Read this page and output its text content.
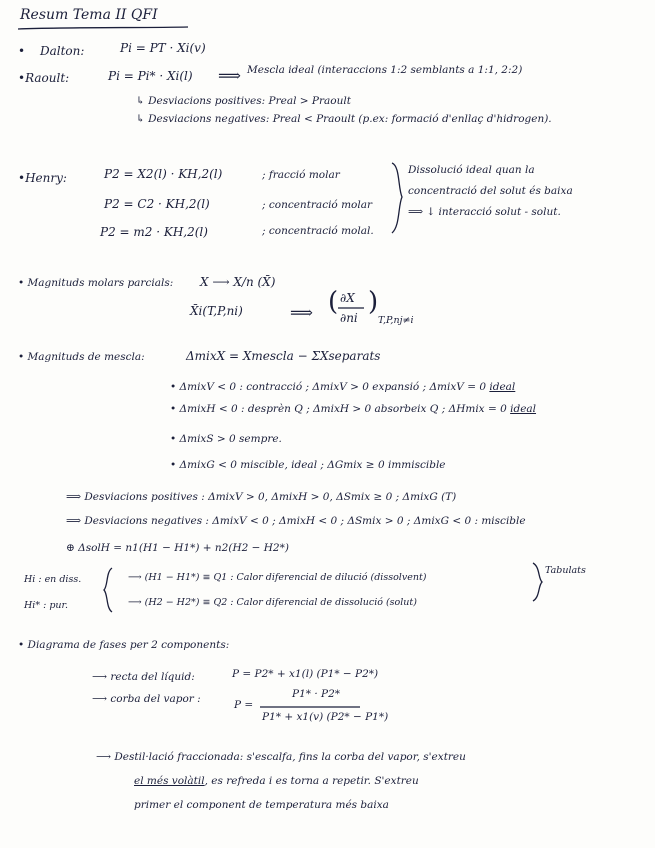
Resum Tema II QFI
• Dalton:	Pi = PT · Xi(v)
•Raoult:	Pi = Pi* · Xi(l) ⟹ Mescla ideal (interaccions 1:2 semblants a 1:1, 2:2)
↳ Desviacions positives: Preal > Praoult
↳ Desviacions negatives: Preal < Praoult (p.ex: formació d'enllaç d'hidrogen).
•Henry:	P2 = X2(l) · KH,2(l)	; fracció molar
P2 = C2 · KH,2(l)	; concentració molar
P2 = m2 · KH,2(l)	; concentració molal.
Dissolució ideal quan la
concentració del solut és baixa
⟹ ↓ interacció solut - solut.
• Magnituds molars parcials: X ⟶ X/n (X̄)
X̄i(T,P,ni)	⟹ ( ∂X
∂ni
)
T,P,nj≠i
• Magnituds de mescla:	ΔmixX = Xmescla − ΣXseparats
• ΔmixV < 0 : contracció ; ΔmixV > 0 expansió ; ΔmixV = 0 ideal
• ΔmixH < 0 : desprèn Q ; ΔmixH > 0 absorbeix Q ; ΔHmix = 0 ideal
• ΔmixS > 0 sempre.
• ΔmixG < 0 miscible, ideal ; ΔGmix ≥ 0 immiscible
⟹ Desviacions positives : ΔmixV > 0, ΔmixH > 0, ΔSmix ≥ 0 ; ΔmixG (T)
⟹ Desviacions negatives : ΔmixV < 0 ; ΔmixH < 0 ; ΔSmix > 0 ; ΔmixG < 0 : miscible
⊕ ΔsolH = n1(H1 − H1*) + n2(H2 − H2*)
Hi : en diss.
Hi* : pur.
⟶ (H1 − H1*) ≡ Q1 : Calor diferencial de dilució (dissolvent)
⟶ (H2 − H2*) ≡ Q2 : Calor diferencial de dissolució (solut)
Tabulats
• Diagrama de fases per 2 components:
⟶ recta del líquid:	P = P2* + x1(l) (P1* − P2*)
⟶ corba del vapor :	P =
P1* · P2*
P1* + x1(v) (P2* − P1*)
⟶ Destil·lació fraccionada: s'escalfa, fins la corba del vapor, s'extreu
el més volàtil, es refreda i es torna a repetir. S'extreu
primer el component de temperatura més baixa
